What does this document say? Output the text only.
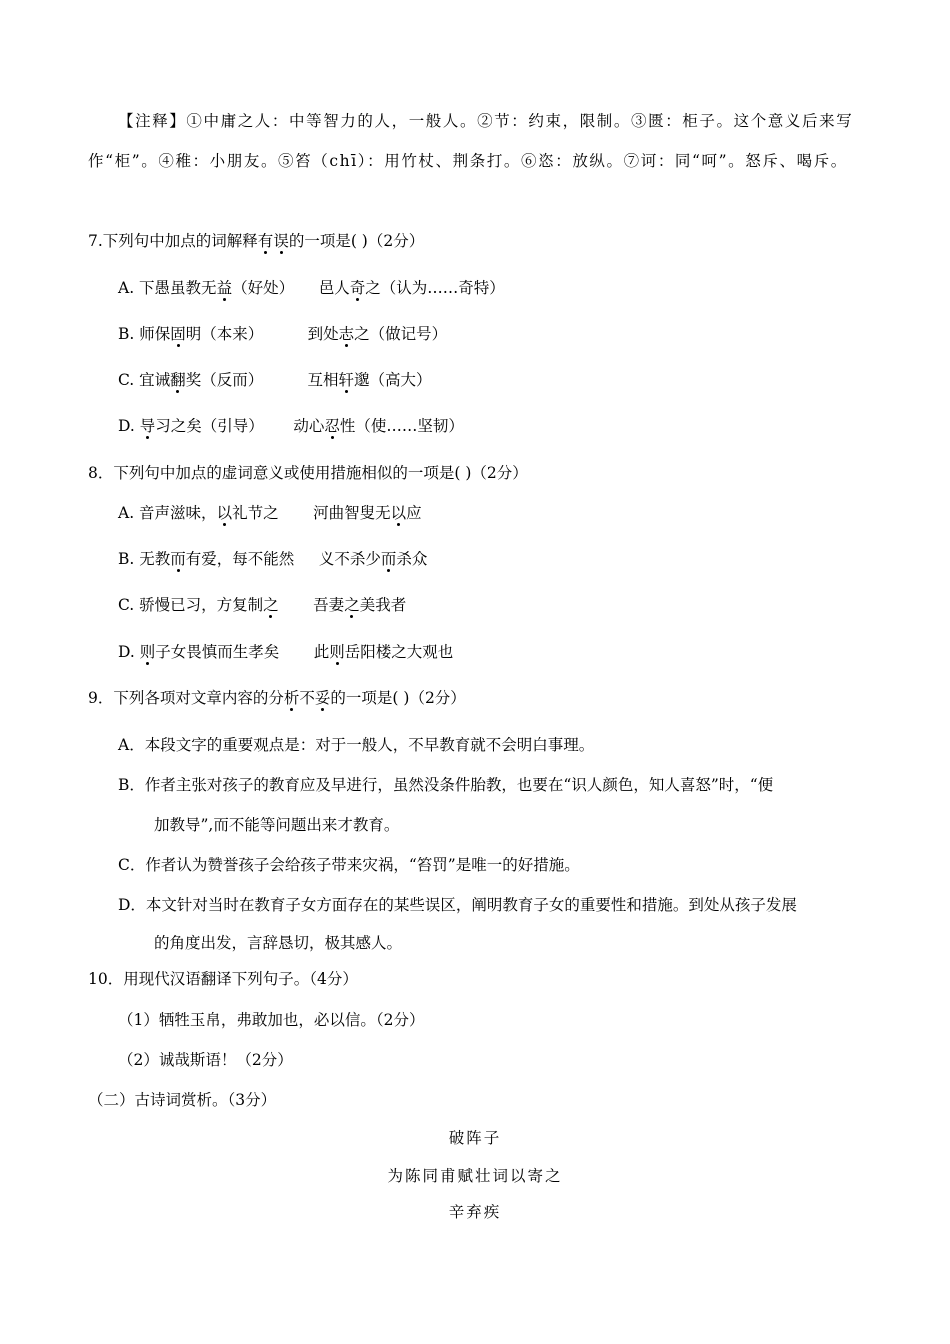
【注释】①中庸之人：中等智力的人，一般人。②节：约束，限制。③匮：柜子。这个意义后来写
作“柜”。④稚：小朋友。⑤笞（chī）：用竹杖、荆条打。⑥恣：放纵。⑦诃：同“呵”。怒斥、喝斥。
7.下列句中加点的词解释有误的一项是( )（2分）
A. 下愚虽教无益（好处）     邑人奇之（认为……奇特）
B. 师保固明（本来）         到处志之（做记号）
C. 宜诫翻奖（反而）         互相轩邈（高大）
D. 导习之矣（引导）      动心忍性（使……坚韧）
8．下列句中加点的虚词意义或使用措施相似的一项是( )（2分）
A. 音声滋味，以礼节之       河曲智叟无以应
B. 无教而有爱，每不能然     义不杀少而杀众
C. 骄慢已习，方复制之       吾妻之美我者
D. 则子女畏慎而生孝矣       此则岳阳楼之大观也
9．下列各项对文章内容的分析不妥的一项是( )（2分）
A．本段文字的重要观点是：对于一般人，不早教育就不会明白事理。
B．作者主张对孩子的教育应及早进行，虽然没条件胎教，也要在“识人颜色，知人喜怒”时，“便
加教导”,而不能等问题出来才教育。
C．作者认为赞誉孩子会给孩子带来灾祸，“笞罚”是唯一的好措施。
D．本文针对当时在教育子女方面存在的某些误区，阐明教育子女的重要性和措施。到处从孩子发展
的角度出发，言辞恳切，极其感人。
10．用现代汉语翻译下列句子。（4分）
（1）牺牲玉帛，弗敢加也，必以信。（2分）
（2）诚哉斯语！（2分）
（二）古诗词赏析。（3分）
破阵子
为陈同甫赋壮词以寄之
辛弃疾
